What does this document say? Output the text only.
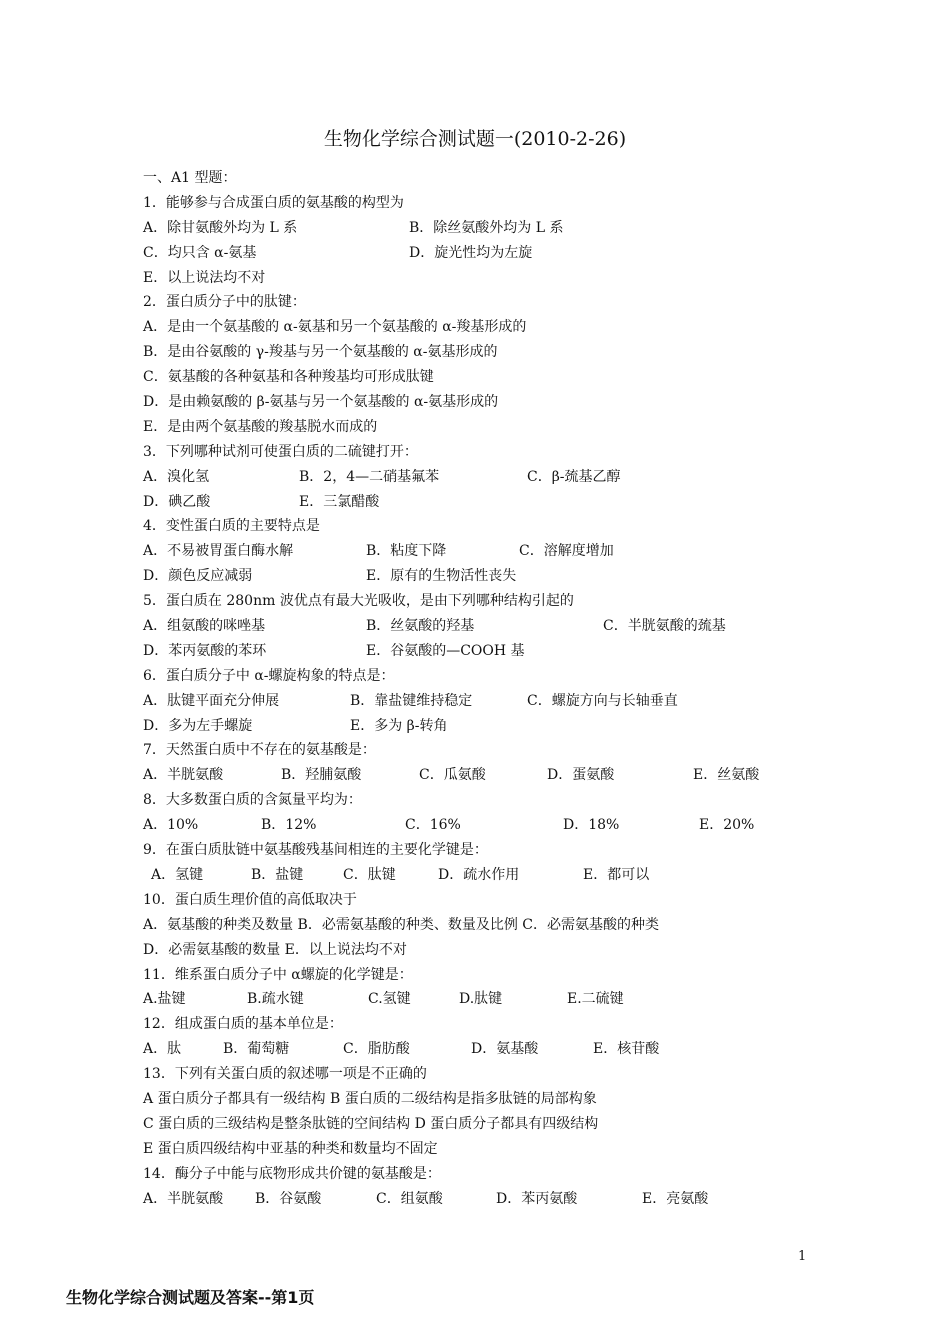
生物化学综合测试题一(2010-2-26)
一、A1 型题：
1．能够参与合成蛋白质的氨基酸的构型为
A．除甘氨酸外均为 L 系	B．除丝氨酸外均为 L 系
C．均只含 α-氨基	D．旋光性均为左旋
E．以上说法均不对
2．蛋白质分子中的肽键：
A．是由一个氨基酸的 α-氨基和另一个氨基酸的 α-羧基形成的
B．是由谷氨酸的 γ-羧基与另一个氨基酸的 α-氨基形成的
C．氨基酸的各种氨基和各种羧基均可形成肽键
D．是由赖氨酸的 β-氨基与另一个氨基酸的 α-氨基形成的
E．是由两个氨基酸的羧基脱水而成的
3．下列哪种试剂可使蛋白质的二硫键打开：
A．溴化氢	B．2，4—二硝基氟苯	C．β-巯基乙醇
D．碘乙酸	E．三氯醋酸
4．变性蛋白质的主要特点是
A．不易被胃蛋白酶水解	B．粘度下降	C．溶解度增加
D．颜色反应减弱	E．原有的生物活性丧失
5．蛋白质在 280nm 波优点有最大光吸收，是由下列哪种结构引起的
A．组氨酸的咪唑基	B．丝氨酸的羟基	C．半胱氨酸的巯基
D．苯丙氨酸的苯环	E．谷氨酸的—COOH 基
6．蛋白质分子中 α-螺旋构象的特点是：
A．肽键平面充分伸展	B．靠盐键维持稳定	C．螺旋方向与长轴垂直
D．多为左手螺旋	E．多为 β-转角
7．天然蛋白质中不存在的氨基酸是：
A．半胱氨酸	B．羟脯氨酸	C．瓜氨酸	D．蛋氨酸	E．丝氨酸
8．大多数蛋白质的含氮量平均为：
A．10%	B．12%	C．16%	D．18%	E．20%
9．在蛋白质肽链中氨基酸残基间相连的主要化学键是：
A．氢键	B．盐键	C．肽键	D．疏水作用	E．都可以
10．蛋白质生理价值的高低取决于
A．氨基酸的种类及数量 B．必需氨基酸的种类、数量及比例 C．必需氨基酸的种类
D．必需氨基酸的数量 E．以上说法均不对
11．维系蛋白质分子中 α螺旋的化学键是：
A.盐键	B.疏水键	C.氢键	D.肽键	E.二硫键
12．组成蛋白质的基本单位是：
A．肽	B．葡萄糖	C．脂肪酸	D．氨基酸	E．核苷酸
13．下列有关蛋白质的叙述哪一项是不正确的
A 蛋白质分子都具有一级结构 B 蛋白质的二级结构是指多肽链的局部构象
C 蛋白质的三级结构是整条肽链的空间结构 D 蛋白质分子都具有四级结构
E 蛋白质四级结构中亚基的种类和数量均不固定
14．酶分子中能与底物形成共价键的氨基酸是：
A．半胱氨酸 B．谷氨酸	C．组氨酸	D．苯丙氨酸	E．亮氨酸
1
生物化学综合测试题及答案--第1页
